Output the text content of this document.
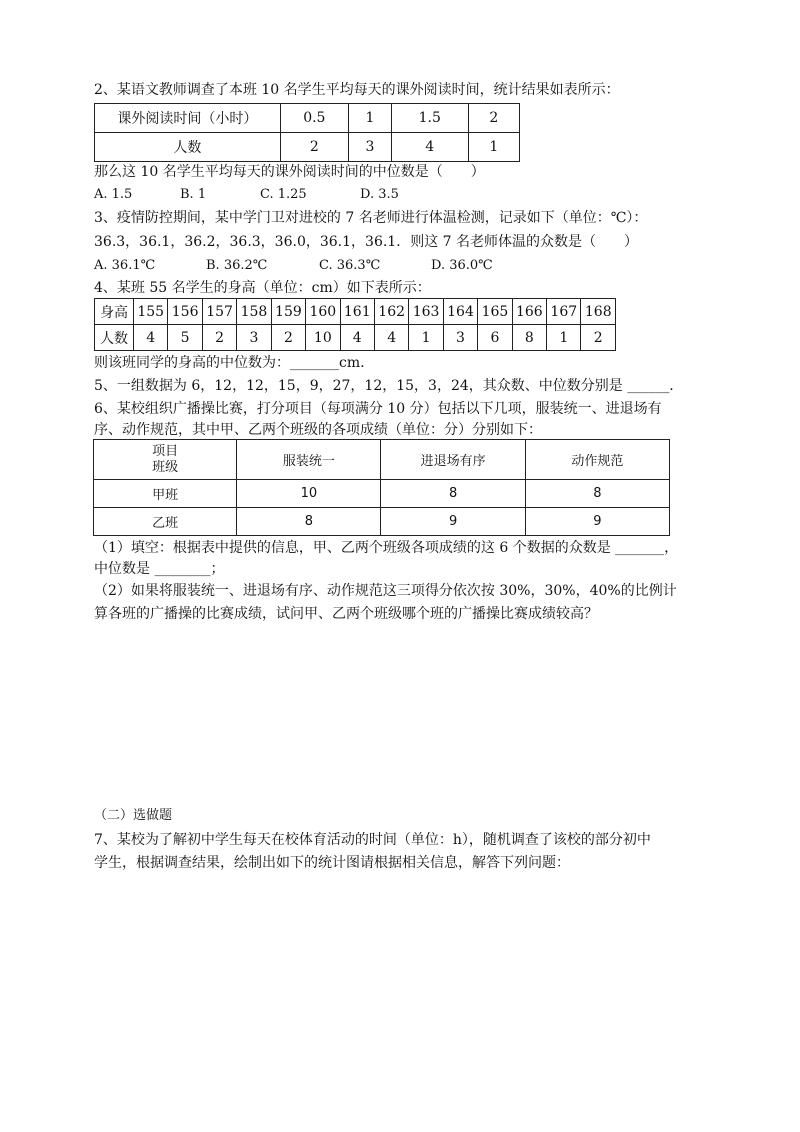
2、某语文教师调查了本班 10 名学生平均每天的课外阅读时间，统计结果如表所示：
课外阅读时间（小时）	0.5	1	1.5	2
人数	2	3	4	1
那么这 10 名学生平均每天的课外阅读时间的中位数是（　　）
A. 1.5	B. 1	C. 1.25	D. 3.5
3、疫情防控期间，某中学门卫对进校的 7 名老师进行体温检测，记录如下（单位：℃）：
36.3，36.1，36.2，36.3，36.0，36.1，36.1．则这 7 名老师体温的众数是（　　）
A. 36.1℃	B. 36.2℃	C. 36.3℃	D. 36.0℃
4、某班 55 名学生的身高（单位：cm）如下表所示：
身高	155	156	157	158	159	160	161	162	163	164	165	166	167	168
人数	4	5	2	3	2	10	4	4	1	3	6	8	1	2
则该班同学的身高的中位数为：_______cm.
5、一组数据为 6，12，12，15，9，27，12，15，3，24，其众数、中位数分别是 ______.
6、某校组织广播操比赛，打分项目（每项满分 10 分）包括以下几项，服装统一、进退场有
序、动作规范，其中甲、乙两个班级的各项成绩（单位：分）分别如下：
项目
班级	服装统一	进退场有序	动作规范
甲班	10	8	8
乙班	8	9	9
（1）填空：根据表中提供的信息，甲、乙两个班级各项成绩的这 6 个数据的众数是 _______，
中位数是 ________；
（2）如果将服装统一、进退场有序、动作规范这三项得分依次按 30%，30%，40%的比例计
算各班的广播操的比赛成绩，试问甲、乙两个班级哪个班的广播操比赛成绩较高？
（二）选做题
7、某校为了解初中学生每天在校体育活动的时间（单位：h），随机调查了该校的部分初中
学生，根据调查结果，绘制出如下的统计图请根据相关信息，解答下列问题：
